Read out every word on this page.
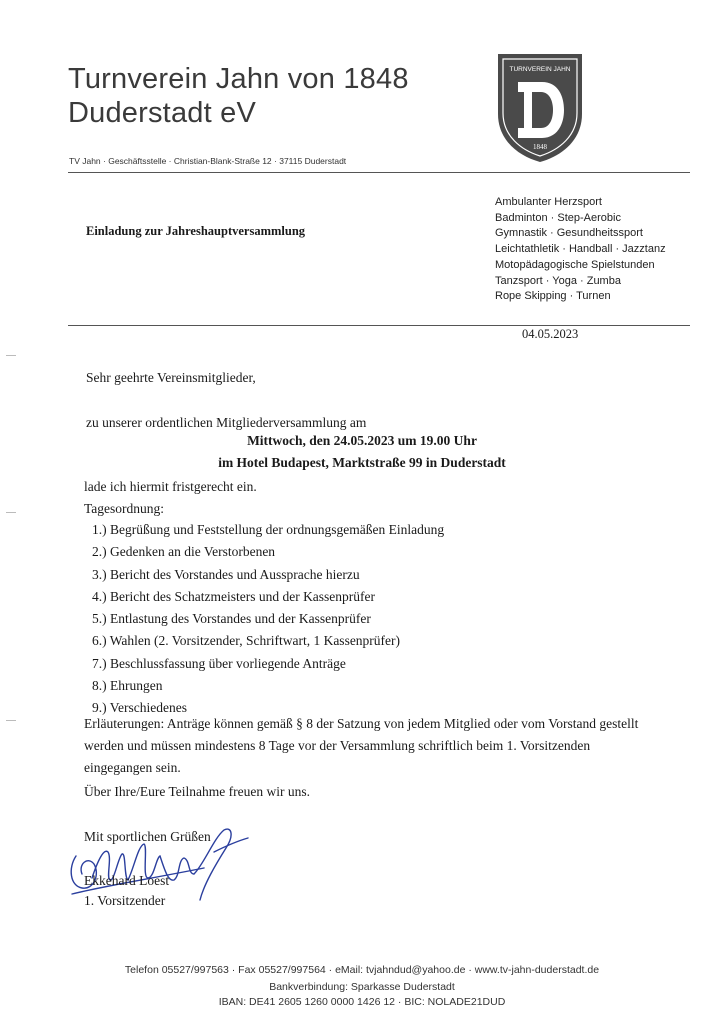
Turnverein Jahn von 1848
Duderstadt eV
TV Jahn · Geschäftsstelle · Christian-Blank-Straße 12 · 37115 Duderstadt
TURNVEREIN JAHN
1848
Einladung zur Jahreshauptversammlung
Ambulanter Herzsport
Badminton · Step-Aerobic
Gymnastik · Gesundheitssport
Leichtathletik · Handball · Jazztanz
Motopädagogische Spielstunden
Tanzsport · Yoga · Zumba
Rope Skipping · Turnen
04.05.2023
Sehr geehrte Vereinsmitglieder,
zu unserer ordentlichen Mitgliederversammlung am
Mittwoch, den 24.05.2023 um 19.00 Uhr
im Hotel Budapest, Marktstraße 99 in Duderstadt
lade ich hiermit fristgerecht ein.
Tagesordnung:
1.) Begrüßung und Feststellung der ordnungsgemäßen Einladung
2.) Gedenken an die Verstorbenen
3.) Bericht des Vorstandes und Aussprache hierzu
4.) Bericht des Schatzmeisters und der Kassenprüfer
5.) Entlastung des Vorstandes und der Kassenprüfer
6.) Wahlen (2. Vorsitzender, Schriftwart, 1 Kassenprüfer)
7.) Beschlussfassung über vorliegende Anträge
8.) Ehrungen
9.) Verschiedenes
Erläuterungen: Anträge können gemäß § 8 der Satzung von jedem Mitglied oder vom Vorstand gestellt werden und müssen mindestens 8 Tage vor der Versammlung schriftlich beim 1. Vorsitzenden eingegangen sein.
Über Ihre/Eure Teilnahme freuen wir uns.
Mit sportlichen Grüßen
Ekkehard Loest
1. Vorsitzender
Telefon 05527/997563 · Fax 05527/997564 · eMail: tvjahndud@yahoo.de · www.tv-jahn-duderstadt.de
Bankverbindung: Sparkasse Duderstadt
IBAN: DE41 2605 1260 0000 1426 12 · BIC: NOLADE21DUD
